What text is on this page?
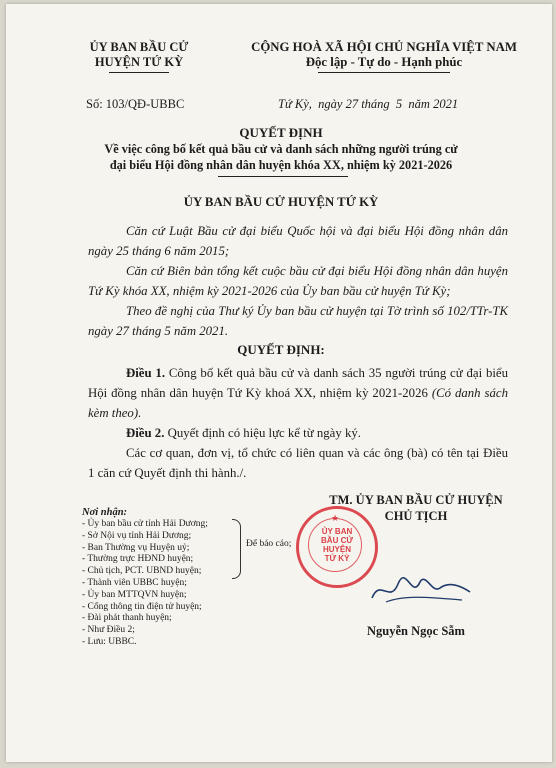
ỦY BAN BẦU CỬ
HUYỆN TỨ KỲ
CỘNG HOÀ XÃ HỘI CHỦ NGHĨA VIỆT NAM
Độc lập - Tự do - Hạnh phúc
Số: 103/QĐ-UBBC	Tứ Kỳ,  ngày 27 tháng  5  năm 2021
QUYẾT ĐỊNH
Về việc công bố kết quả bầu cử và danh sách những người trúng cử
đại biểu Hội đồng nhân dân huyện khóa XX, nhiệm kỳ 2021-2026
ỦY BAN BẦU CỬ HUYỆN TỨ KỲ
Căn cứ Luật Bầu cử đại biểu Quốc hội và đại biểu Hội đồng nhân dân ngày 25 tháng 6 năm 2015;
Căn cứ Biên bản tổng kết cuộc bầu cử đại biểu Hội đồng nhân dân huyện Tứ Kỳ khóa XX, nhiệm kỳ 2021-2026 của Ủy ban bầu cử huyện Tứ Kỳ;
Theo đề nghị của Thư ký Ủy ban bầu cử huyện tại Tờ trình số 102/TTr-TK ngày 27 tháng 5 năm 2021.
QUYẾT ĐỊNH:
Điều 1. Công bố kết quả bầu cử và danh sách 35 người trúng cử đại biểu Hội đồng nhân dân huyện Tứ Kỳ khoá XX, nhiệm kỳ 2021-2026 (Có danh sách kèm theo).
Điều 2. Quyết định có hiệu lực kể từ ngày ký.
Các cơ quan, đơn vị, tổ chức có liên quan và các ông (bà) có tên tại Điều 1 căn cứ Quyết định thi hành./.
Nơi nhận:
- Ủy ban bầu cử tỉnh Hải Dương;
- Sở Nội vụ tỉnh Hải Dương;
- Ban Thường vụ Huyện uỷ;
- Thường trực HĐND huyện;
- Chủ tịch, PCT. UBND huyện;
- Thành viên UBBC huyện;
- Ủy ban MTTQVN huyện;
- Cổng thông tin điện tử huyện;
- Đài phát thanh huyện;
- Như Điều 2;
- Lưu: UBBC.
Để báo cáo;
TM. ỦY BAN BẦU CỬ HUYỆN
CHỦ TỊCH
★
ỦY BAN
BẦU CỬ
HUYỆN
TỨ KỲ
Nguyễn Ngọc Sẫm
